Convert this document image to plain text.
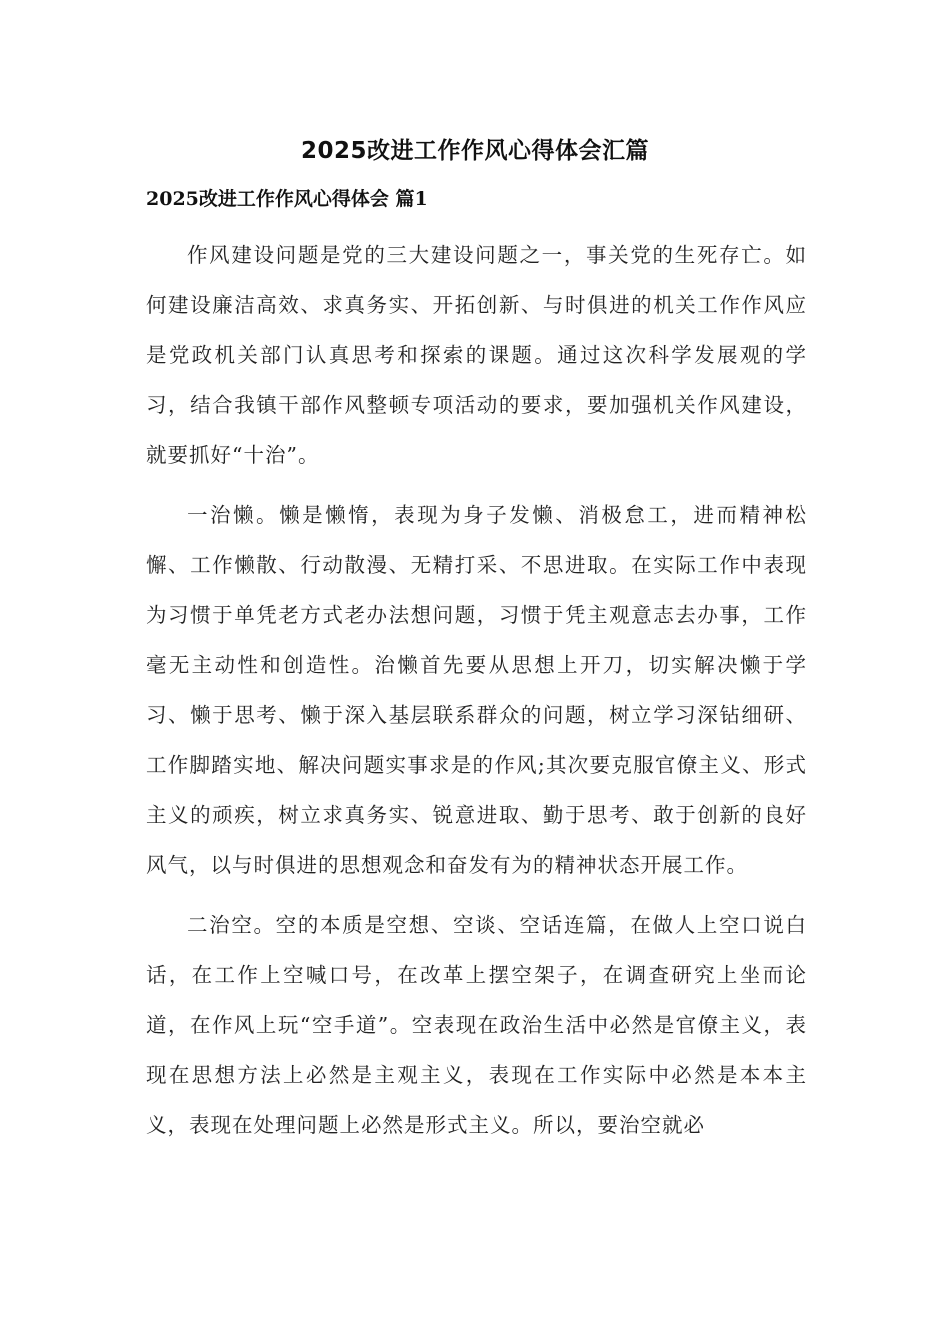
2025改进工作作风心得体会汇篇
2025改进工作作风心得体会 篇1

作风建设问题是党的三大建设问题之一，事关党的生死存亡。如何建设廉洁高效、求真务实、开拓创新、与时俱进的机关工作作风应是党政机关部门认真思考和探索的课题。通过这次科学发展观的学习，结合我镇干部作风整顿专项活动的要求，要加强机关作风建设，就要抓好“十治”。

一治懒。懒是懒惰，表现为身子发懒、消极怠工，进而精神松懈、工作懒散、行动散漫、无精打采、不思进取。在实际工作中表现为习惯于单凭老方式老办法想问题，习惯于凭主观意志去办事，工作毫无主动性和创造性。治懒首先要从思想上开刀，切实解决懒于学习、懒于思考、懒于深入基层联系群众的问题，树立学习深钻细研、工作脚踏实地、解决问题实事求是的作风;其次要克服官僚主义、形式主义的顽疾，树立求真务实、锐意进取、勤于思考、敢于创新的良好风气，以与时俱进的思想观念和奋发有为的精神状态开展工作。

二治空。空的本质是空想、空谈、空话连篇，在做人上空口说白话，在工作上空喊口号，在改革上摆空架子，在调查研究上坐而论道，在作风上玩“空手道”。空表现在政治生活中必然是官僚主义，表现在思想方法上必然是主观主义，表现在工作实际中必然是本本主义，表现在处理问题上必然是形式主义。所以，要治空就必
